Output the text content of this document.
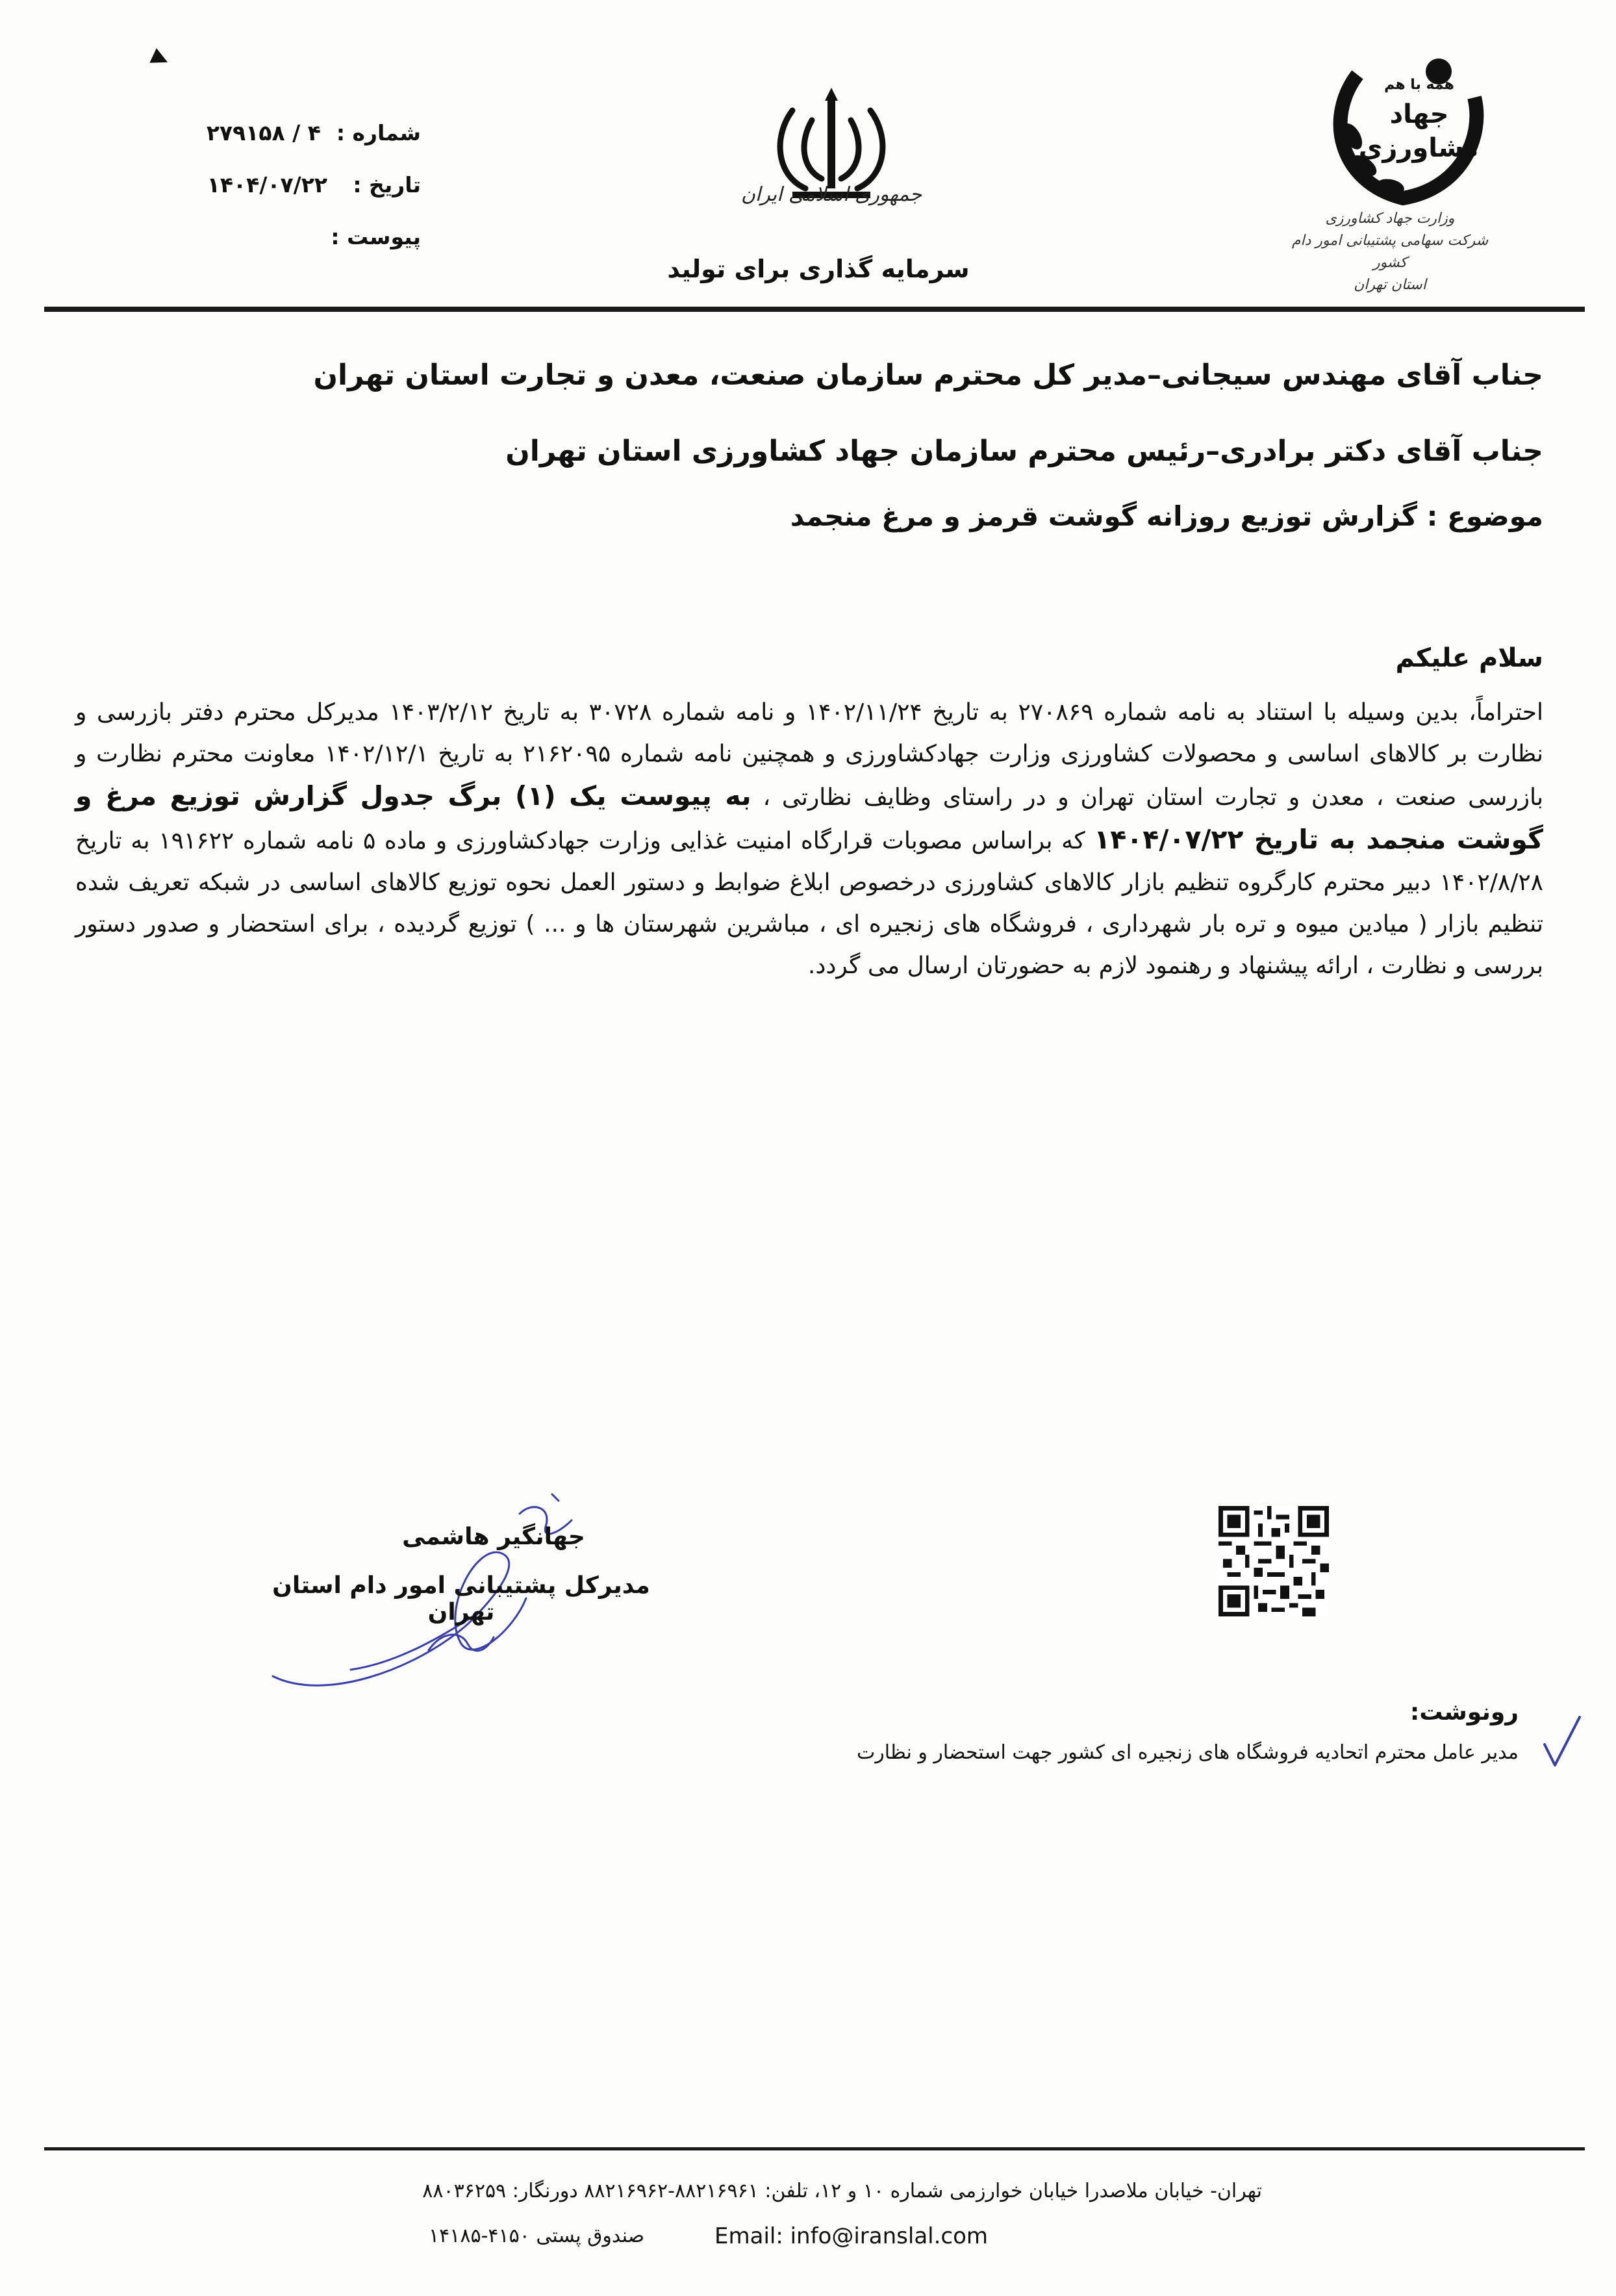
▸
شماره :
۴ / ۲۷۹۱۵۸
تاریخ :
۱۴۰۴/۰۷/۲۲
پیوست :
جمهوری اسلامی ایران
سرمایه گذاری برای تولید
همه با هم
جهاد کشاورزی
وزارت جهاد کشاورزی
شرکت سهامی پشتیبانی امور دام کشور
استان تهران
جناب آقای مهندس سیجانی–مدیر کل محترم سازمان صنعت، معدن و تجارت استان تهران
جناب آقای دکتر برادری–رئیس محترم سازمان جهاد کشاورزی استان تهران
موضوع : گزارش توزیع روزانه گوشت قرمز و مرغ منجمد
سلام علیکم
احتراماً، بدین وسیله با استناد به نامه شماره ۲۷۰۸۶۹ به تاریخ ۱۴۰۲/۱۱/۲۴ و نامه شماره ۳۰۷۲۸ به تاریخ ۱۴۰۳/۲/۱۲ مدیرکل محترم دفتر بازرسی و نظارت بر کالاهای اساسی و محصولات کشاورزی وزارت جهادکشاورزی و همچنین نامه شماره ۲۱۶۲۰۹۵ به تاریخ ۱۴۰۲/۱۲/۱ معاونت محترم نظارت و بازرسی صنعت ، معدن و تجارت استان تهران و در راستای وظایف نظارتی ، به پیوست یک (۱) برگ جدول گزارش توزیع مرغ و گوشت منجمد به تاریخ ۱۴۰۴/۰۷/۲۲ که براساس مصوبات قرارگاه امنیت غذایی وزارت جهادکشاورزی و ماده ۵ نامه شماره ۱۹۱۶۲۲ به تاریخ ۱۴۰۲/۸/۲۸ دبیر محترم کارگروه تنظیم بازار کالاهای کشاورزی درخصوص ابلاغ ضوابط و دستور العمل نحوه توزیع کالاهای اساسی در شبکه تعریف شده تنظیم بازار ( میادین میوه و تره بار شهرداری ، فروشگاه های زنجیره ای ، مباشرین شهرستان ها و ... ) توزیع گردیده ، برای استحضار و صدور دستور بررسی و نظارت ، ارائه پیشنهاد و رهنمود لازم به حضورتان ارسال می گردد.
جهانگیر هاشمی
مدیرکل پشتیبانی امور دام استان تهران
رونوشت:
مدیر عامل محترم اتحادیه فروشگاه های زنجیره ای کشور جهت استحضار و نظارت
تهران- خیابان ملاصدرا خیابان خوارزمی شماره ۱۰ و ۱۲، تلفن: ۸۸۲۱۶۹۶۱-۸۸۲۱۶۹۶۲ دورنگار: ۸۸۰۳۶۲۵۹
Email: info@iranslal.com
صندوق پستی ۴۱۵۰-۱۴۱۸۵
